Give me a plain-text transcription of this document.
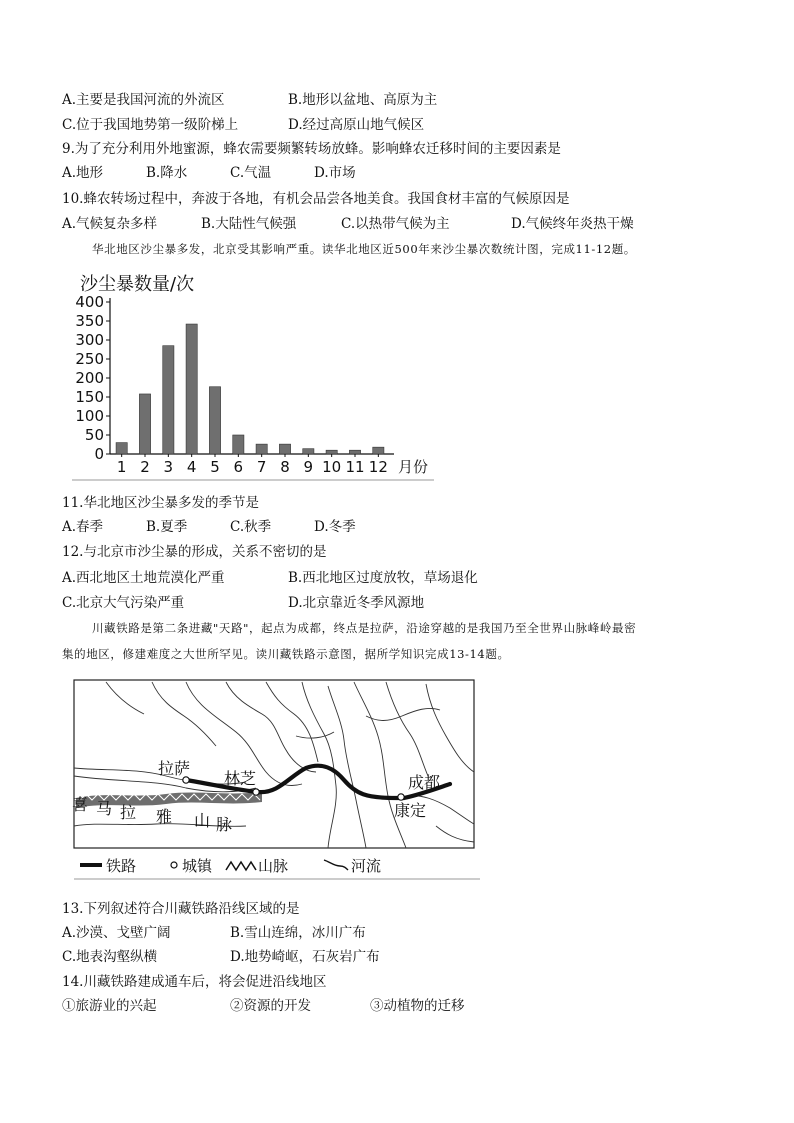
A.主要是我国河流的外流区	B.地形以盆地、高原为主
C.位于我国地势第一级阶梯上	D.经过高原山地气候区
9.为了充分利用外地蜜源，蜂农需要频繁转场放蜂。影响蜂农迁移时间的主要因素是
A.地形	B.降水	C.气温	D.市场
10.蜂农转场过程中，奔波于各地，有机会品尝各地美食。我国食材丰富的气候原因是
A.气候复杂多样	B.大陆性气候强	C.以热带气候为主	D.气候终年炎热干燥
华北地区沙尘暴多发，北京受其影响严重。读华北地区近500年来沙尘暴次数统计图，完成11-12题。
沙尘暴数量/次
0
50
100
150
200
250
300
350
400
1 2 3 4 5 6 7 8 9 10 11 12 月份
11.华北地区沙尘暴多发的季节是
A.春季	B.夏季	C.秋季	D.冬季
12.与北京市沙尘暴的形成，关系不密切的是
A.西北地区土地荒漠化严重	B.西北地区过度放牧，草场退化
C.北京大气污染严重	D.北京靠近冬季风源地
川藏铁路是第二条进藏"天路"，起点为成都，终点是拉萨，沿途穿越的是我国乃至全世界山脉峰岭最密
集的地区，修建难度之大世所罕见。读川藏铁路示意图，据所学知识完成13-14题。
拉萨
林芝
康定
成都
喜 马 拉 雅 山 脉
铁路	城镇	山脉	河流
13.下列叙述符合川藏铁路沿线区域的是
A.沙漠、戈壁广阔	B.雪山连绵，冰川广布
C.地表沟壑纵横	D.地势崎岖，石灰岩广布
14.川藏铁路建成通车后，将会促进沿线地区
①旅游业的兴起	②资源的开发	③动植物的迁移
